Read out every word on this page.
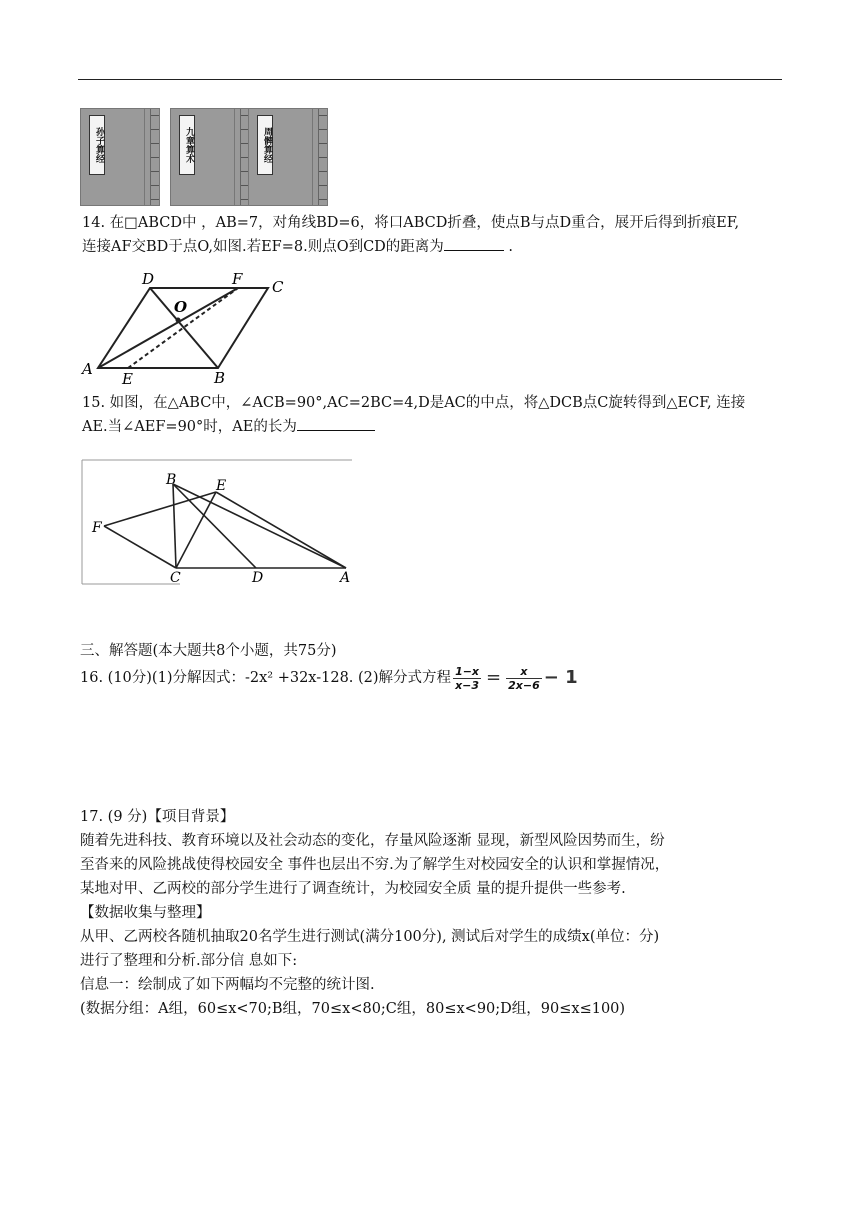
孙子算经	九章算术	周髀算经
14. 在□ABCD中 ，AB=7，对角线BD=6，将口ABCD折叠，使点B与点D重合，展开后得到折痕EF,
连接AF交BD于点O,如图.若EF=8.则点O到CD的距离为	.
A	B
C
D
E
F
O
15. 如图，在△ABC中，∠ACB=90°,AC=2BC=4,D是AC的中点，将△DCB点C旋转得到△ECF, 连接
AE.当∠AEF=90°时，AE的长为
B	E
F
C	D	A
三、解答题(本大题共8个小题，共75分)
16. (10分)(1)分解因式：-2x² +32x-128. (2)解分式方程 $\frac{1-x}{x-3} = \frac{x}{2x-6} - 1$
17. (9 分)【项目背景】
随着先进科技、教育环境以及社会动态的变化，存量风险逐渐 显现，新型风险因势而生，纷
至沓来的风险挑战使得校园安全 事件也层出不穷.为了解学生对校园安全的认识和掌握情况，
某地对甲、乙两校的部分学生进行了调查统计，为校园安全质 量的提升提供一些参考.
【数据收集与整理】
从甲、乙两校各随机抽取20名学生进行测试(满分100分), 测试后对学生的成绩x(单位：分)
进行了整理和分析.部分信 息如下:
信息一：绘制成了如下两幅均不完整的统计图.
(数据分组：A组，60≤x<70;B组，70≤x<80;C组，80≤x<90;D组，90≤x≤100)
